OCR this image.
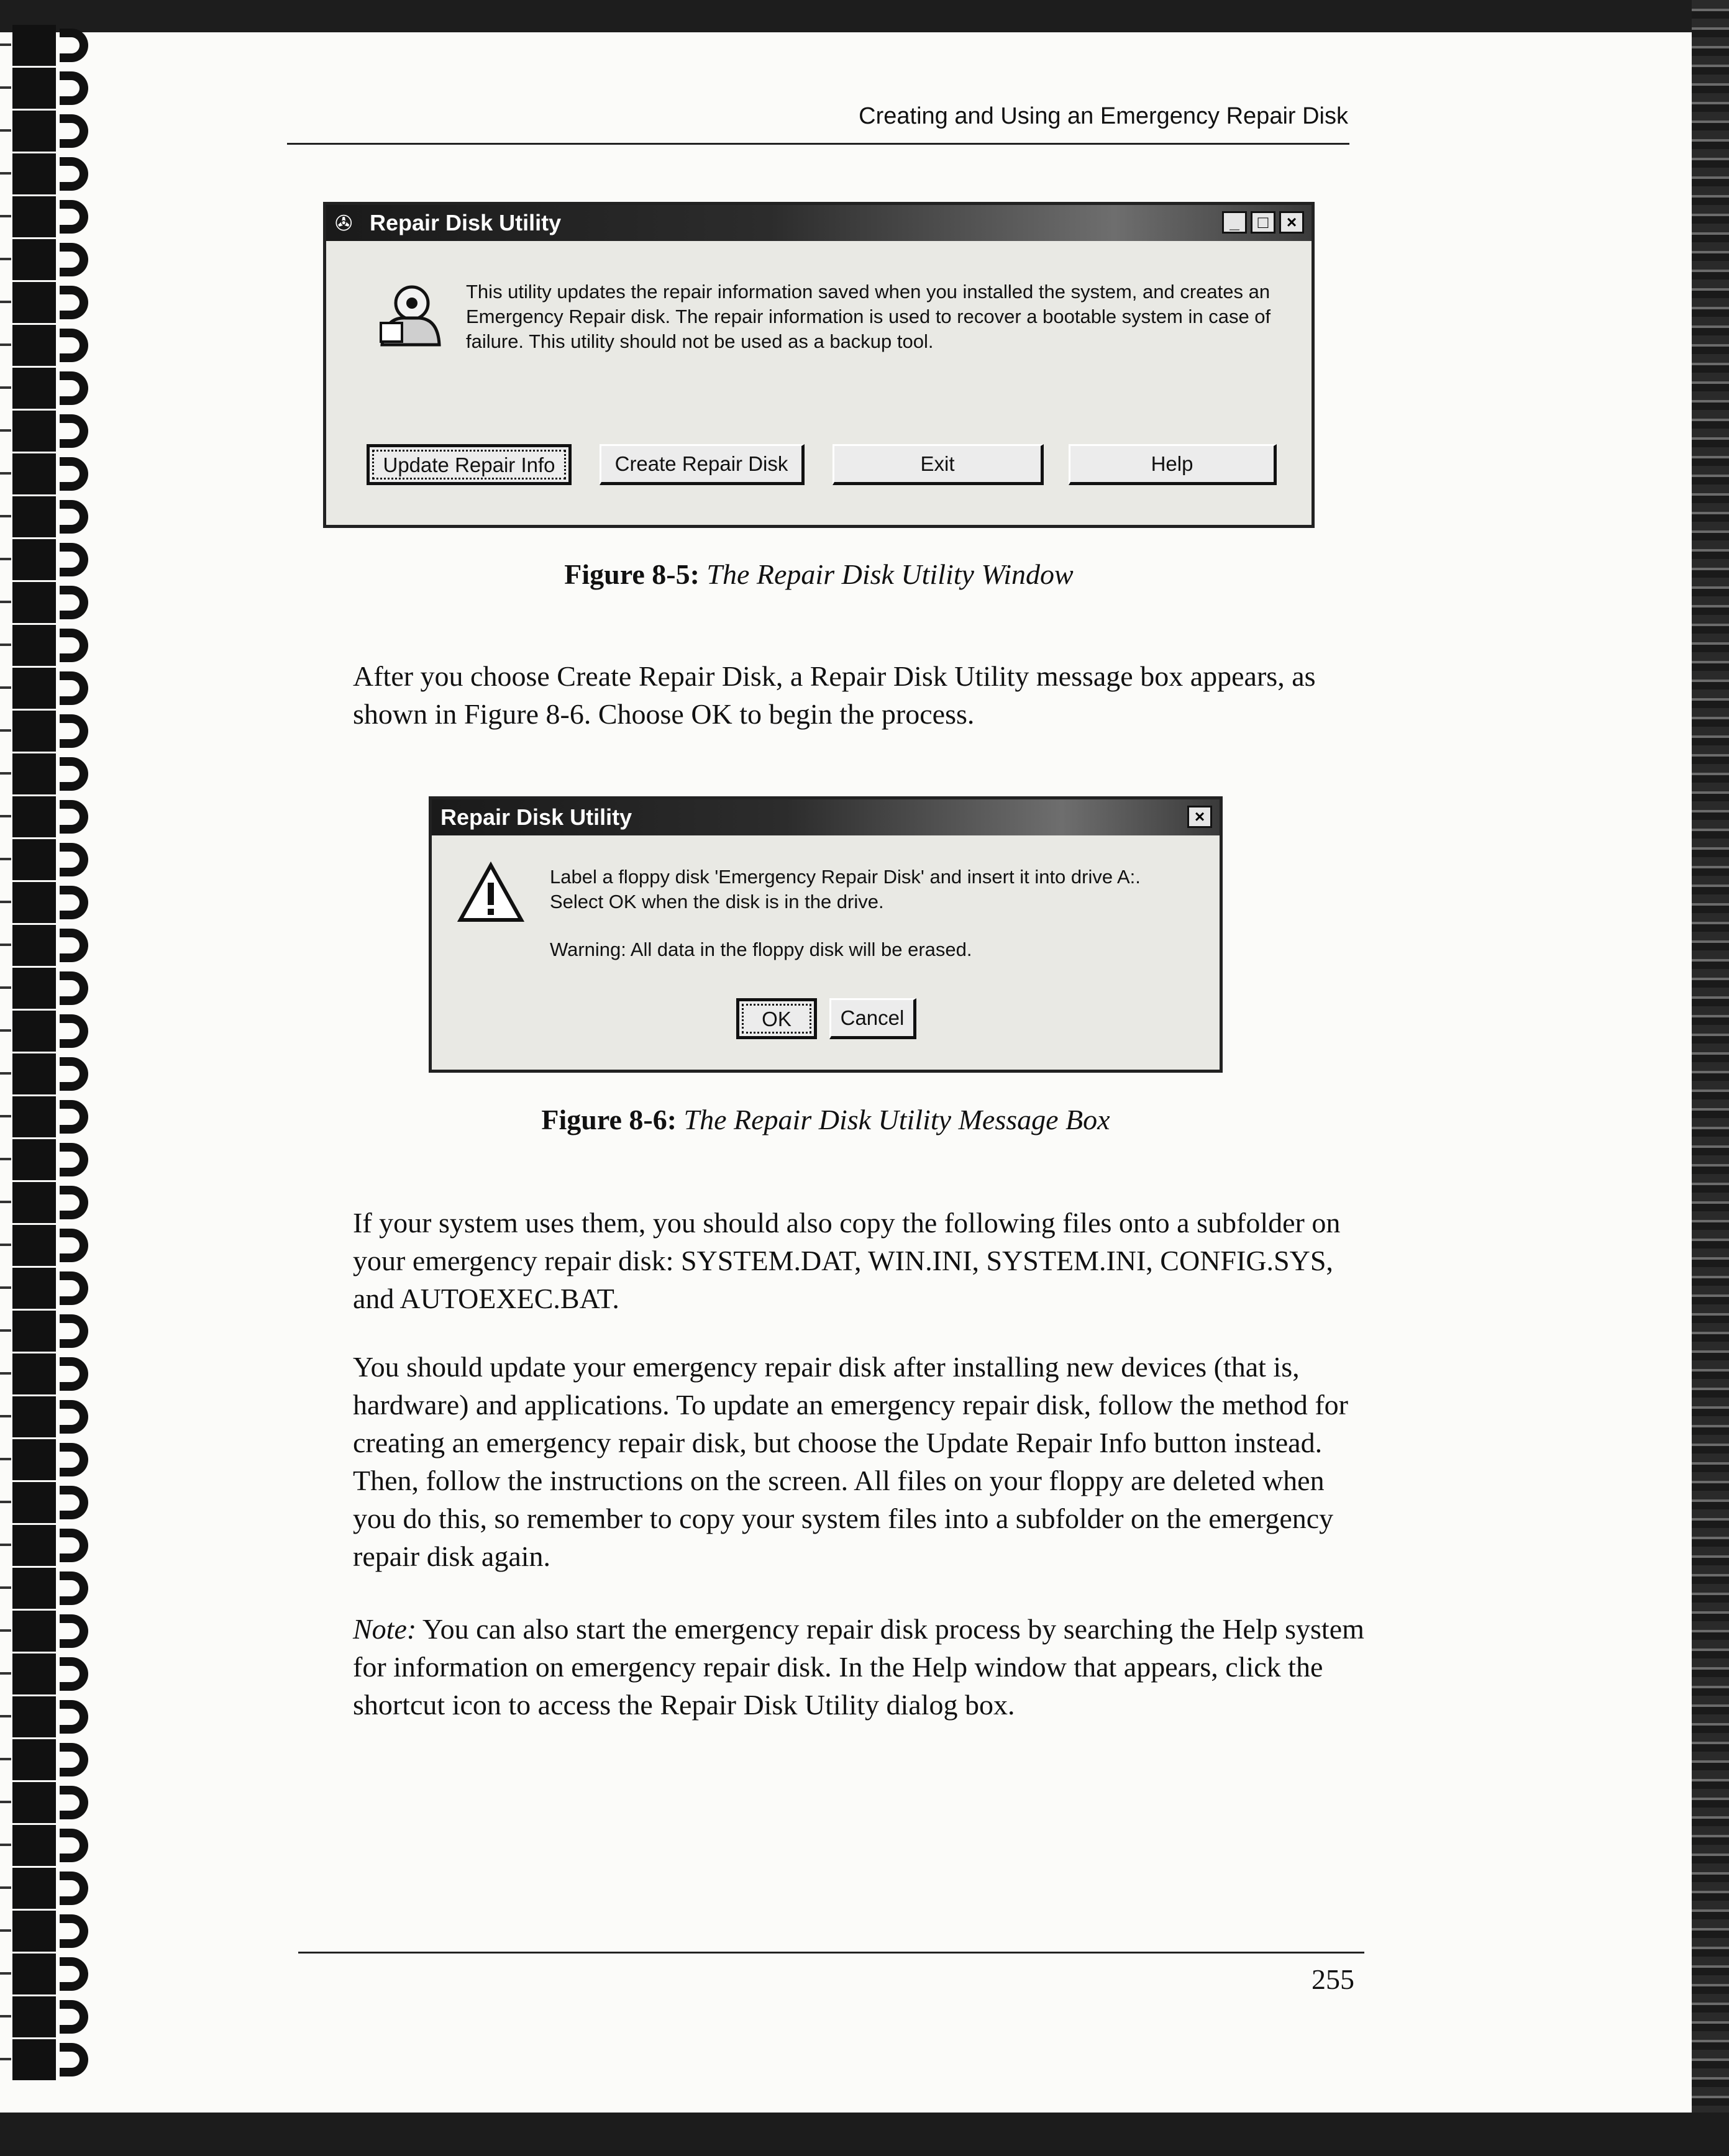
Creating and Using an Emergency Repair Disk
✇ Repair Disk Utility	_	□	×
This utility updates the repair information saved when you installed the system, and creates an Emergency Repair disk. The repair information is used to recover a bootable system in case of failure. This utility should not be used as a backup tool.
Update Repair Info	Create Repair Disk	Exit	Help
Figure 8-5: The Repair Disk Utility Window

After you choose Create Repair Disk, a Repair Disk Utility message box appears, as shown in Figure 8-6. Choose OK to begin the process.

Repair Disk Utility	×
Label a floppy disk 'Emergency Repair Disk' and insert it into drive A:.
Select OK when the disk is in the drive.
Warning: All data in the floppy disk will be erased.
OK	Cancel
Figure 8-6: The Repair Disk Utility Message Box

If your system uses them, you should also copy the following files onto a subfolder on your emergency repair disk: SYSTEM.DAT, WIN.INI, SYSTEM.INI, CONFIG.SYS, and AUTOEXEC.BAT.

You should update your emergency repair disk after installing new devices (that is, hardware) and applications. To update an emergency repair disk, follow the method for creating an emergency repair disk, but choose the Update Repair Info button instead. Then, follow the instructions on the screen. All files on your floppy are deleted when you do this, so remember to copy your system files into a subfolder on the emergency repair disk again.

Note: You can also start the emergency repair disk process by searching the Help system for information on emergency repair disk. In the Help window that appears, click the shortcut icon to access the Repair Disk Utility dialog box.

255
